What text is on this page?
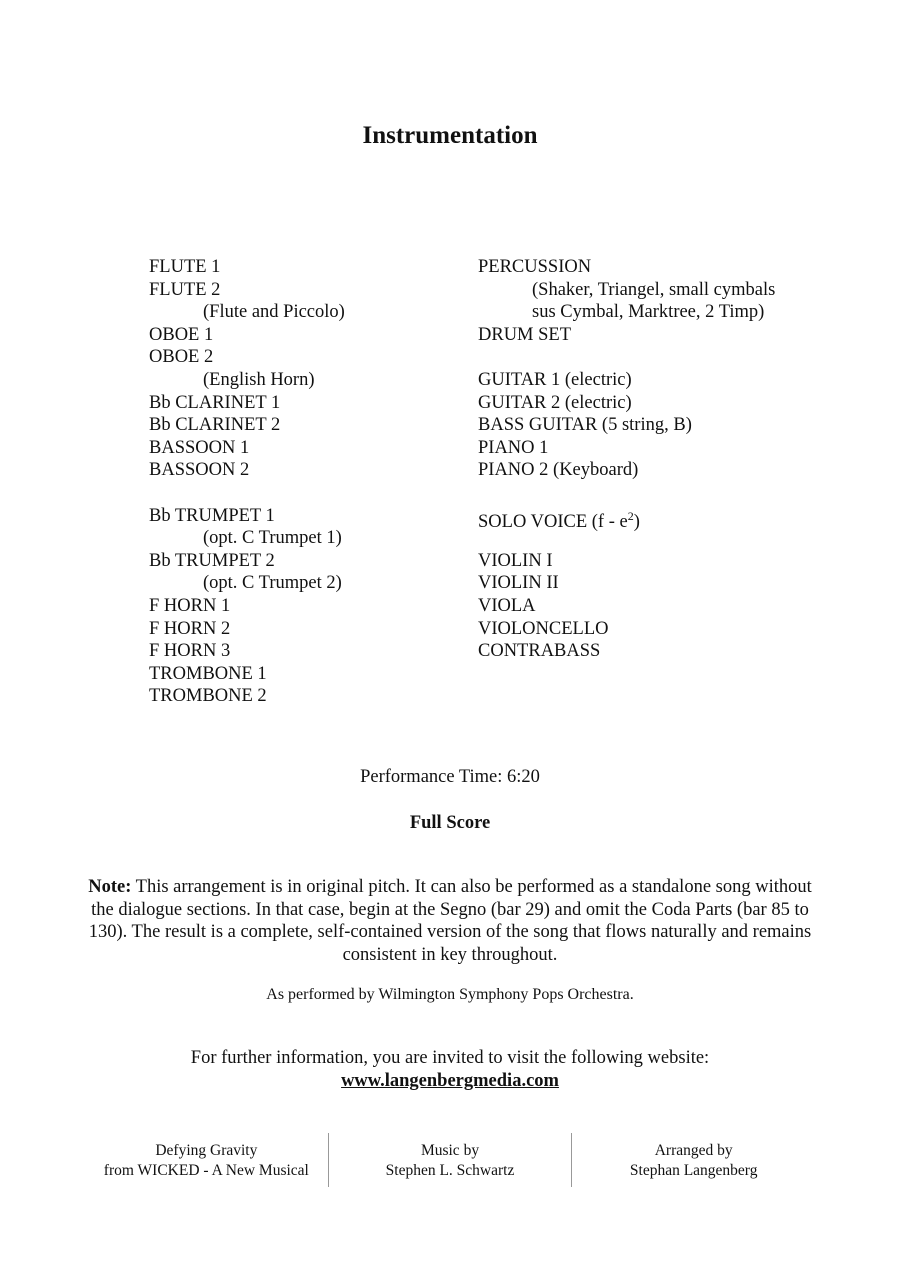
Instrumentation
FLUTE 1
FLUTE 2
(Flute and Piccolo)
OBOE 1
OBOE 2
(English Horn)
Bb CLARINET 1
Bb CLARINET 2
BASSOON 1
BASSOON 2
Bb TRUMPET 1
(opt. C Trumpet 1)
Bb TRUMPET 2
(opt. C Trumpet 2)
F HORN 1
F HORN 2
F HORN 3
TROMBONE 1
TROMBONE 2
PERCUSSION
(Shaker, Triangel, small cymbals
sus Cymbal, Marktree, 2 Timp)
DRUM SET
GUITAR 1 (electric)
GUITAR 2 (electric)
BASS GUITAR (5 string, B)
PIANO 1
PIANO 2 (Keyboard)
SOLO VOICE $(f - e^2)$
VIOLIN I
VIOLIN II
VIOLA
VIOLONCELLO
CONTRABASS
Performance Time: 6:20
Full Score
Note: This arrangement is in original pitch. It can also be performed as a standalone song without the dialogue sections. In that case, begin at the Segno (bar 29) and omit the Coda Parts (bar 85 to 130). The result is a complete, self-contained version of the song that flows naturally and remains consistent in key throughout.
As performed by Wilmington Symphony Pops Orchestra.
For further information, you are invited to visit the following website:
www.langenbergmedia.com
Defying Gravity
from WICKED - A New Musical
Music by
Stephen L. Schwartz
Arranged by
Stephan Langenberg
